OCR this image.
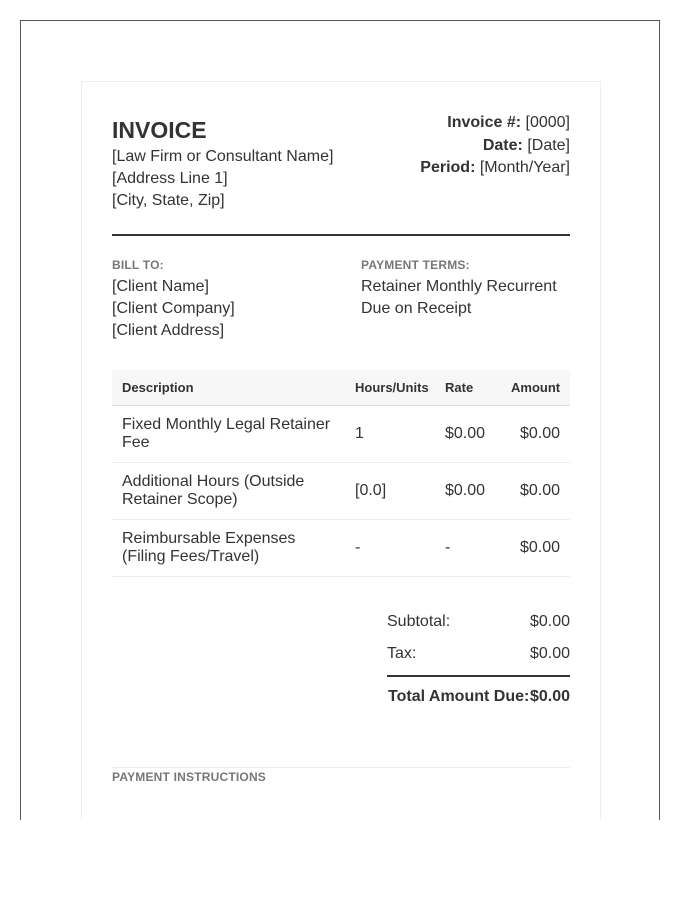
INVOICE
[Law Firm or Consultant Name]
[Address Line 1]
[City, State, Zip]
Invoice #: [0000]
Date: [Date]
Period: [Month/Year]
BILL TO:
[Client Name]
[Client Company]
[Client Address]
PAYMENT TERMS:
Retainer Monthly Recurrent
Due on Receipt
Description	Hours/Units	Rate	Amount
Fixed Monthly Legal Retainer Fee	1	$0.00	$0.00
Additional Hours (Outside Retainer Scope)	[0.0]	$0.00	$0.00
Reimbursable Expenses (Filing Fees/Travel)	-	-	$0.00
Subtotal:	$0.00
Tax:	$0.00
Total Amount Due: $0.00
PAYMENT INSTRUCTIONS
